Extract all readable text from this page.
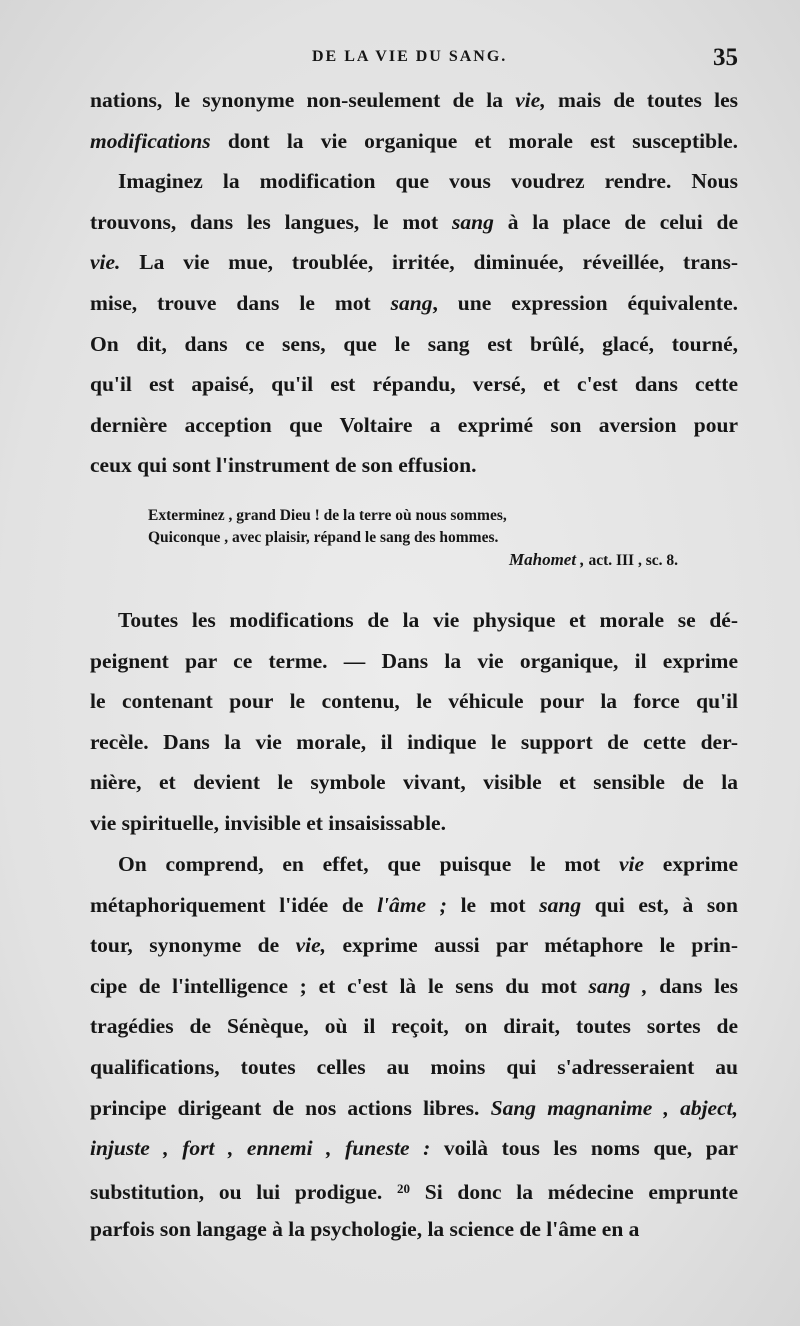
DE LA VIE DU SANG.	35
nations, le synonyme non-seulement de la vie, mais de toutes les
modifications dont la vie organique et morale est susceptible.
Imaginez la modification que vous voudrez rendre. Nous
trouvons, dans les langues, le mot sang à la place de celui de
vie. La vie mue, troublée, irritée, diminuée, réveillée, trans-
mise, trouve dans le mot sang, une expression équivalente.
On dit, dans ce sens, que le sang est brûlé, glacé, tourné,
qu'il est apaisé, qu'il est répandu, versé, et c'est dans cette
dernière acception que Voltaire a exprimé son aversion pour
ceux qui sont l'instrument de son effusion.
Exterminez , grand Dieu ! de la terre où nous sommes,
Quiconque , avec plaisir, répand le sang des hommes.
Mahomet , act. III , sc. 8.
Toutes les modifications de la vie physique et morale se dé-
peignent par ce terme. — Dans la vie organique, il exprime
le contenant pour le contenu, le véhicule pour la force qu'il
recèle. Dans la vie morale, il indique le support de cette der-
nière, et devient le symbole vivant, visible et sensible de la
vie spirituelle, invisible et insaisissable.
On comprend, en effet, que puisque le mot vie exprime
métaphoriquement l'idée de l'âme ; le mot sang qui est, à son
tour, synonyme de vie, exprime aussi par métaphore le prin-
cipe de l'intelligence ; et c'est là le sens du mot sang , dans les
tragédies de Sénèque, où il reçoit, on dirait, toutes sortes de
qualifications, toutes celles au moins qui s'adresseraient au
principe dirigeant de nos actions libres. Sang magnanime , abject,
injuste , fort , ennemi , funeste : voilà tous les noms que, par
substitution, ou lui prodigue. $^{20}$ Si donc la médecine emprunte
parfois son langage à la psychologie, la science de l'âme en a
